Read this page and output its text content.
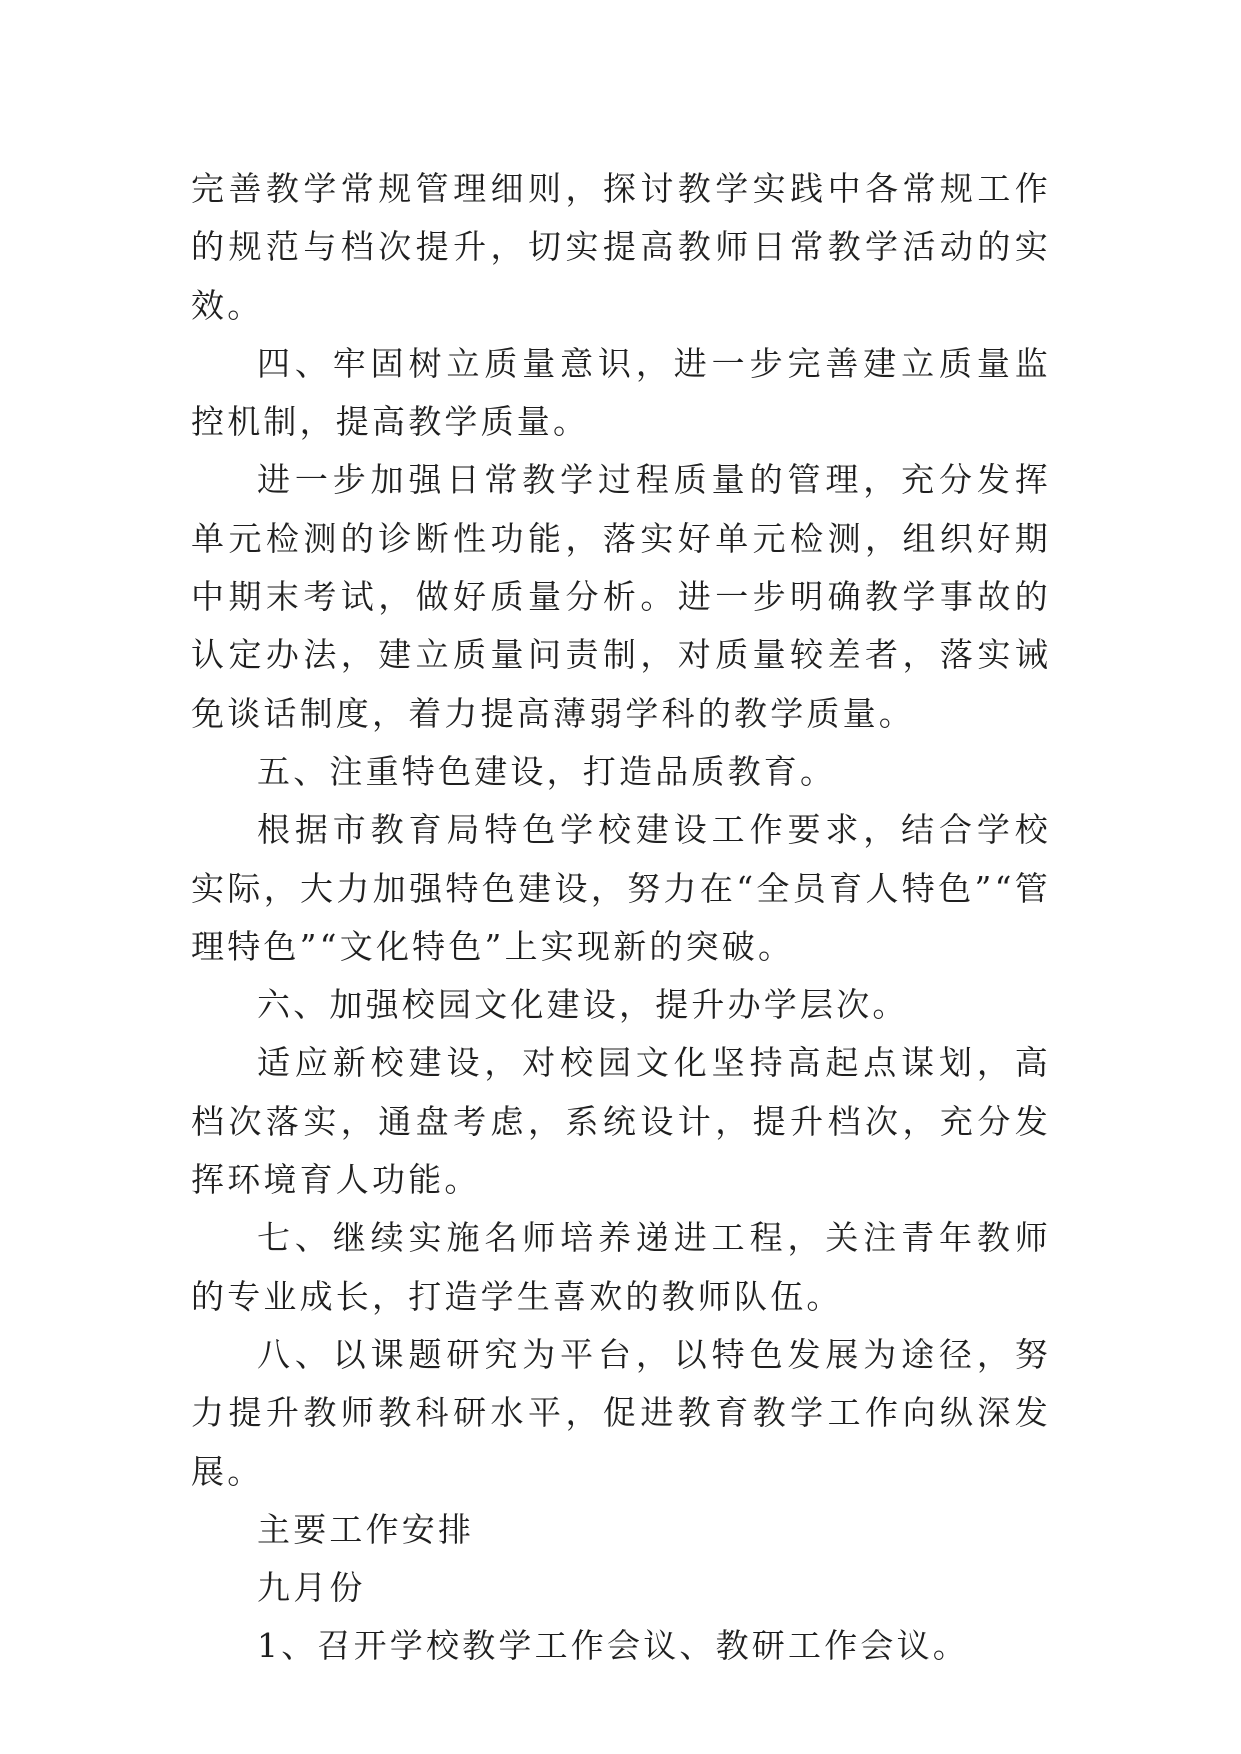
完善教学常规管理细则，探讨教学实践中各常规工作的规范与档次提升，切实提高教师日常教学活动的实效。

四、牢固树立质量意识，进一步完善建立质量监控机制，提高教学质量。

进一步加强日常教学过程质量的管理，充分发挥单元检测的诊断性功能，落实好单元检测，组织好期中期末考试，做好质量分析。进一步明确教学事故的认定办法，建立质量问责制，对质量较差者，落实诫免谈话制度，着力提高薄弱学科的教学质量。

五、注重特色建设，打造品质教育。

根据市教育局特色学校建设工作要求，结合学校实际，大力加强特色建设，努力在“全员育人特色”“管理特色”“文化特色”上实现新的突破。

六、加强校园文化建设，提升办学层次。

适应新校建设，对校园文化坚持高起点谋划，高档次落实，通盘考虑，系统设计，提升档次，充分发挥环境育人功能。

七、继续实施名师培养递进工程，关注青年教师的专业成长，打造学生喜欢的教师队伍。

八、以课题研究为平台，以特色发展为途径，努力提升教师教科研水平，促进教育教学工作向纵深发展。

主要工作安排

九月份

1、召开学校教学工作会议、教研工作会议。
